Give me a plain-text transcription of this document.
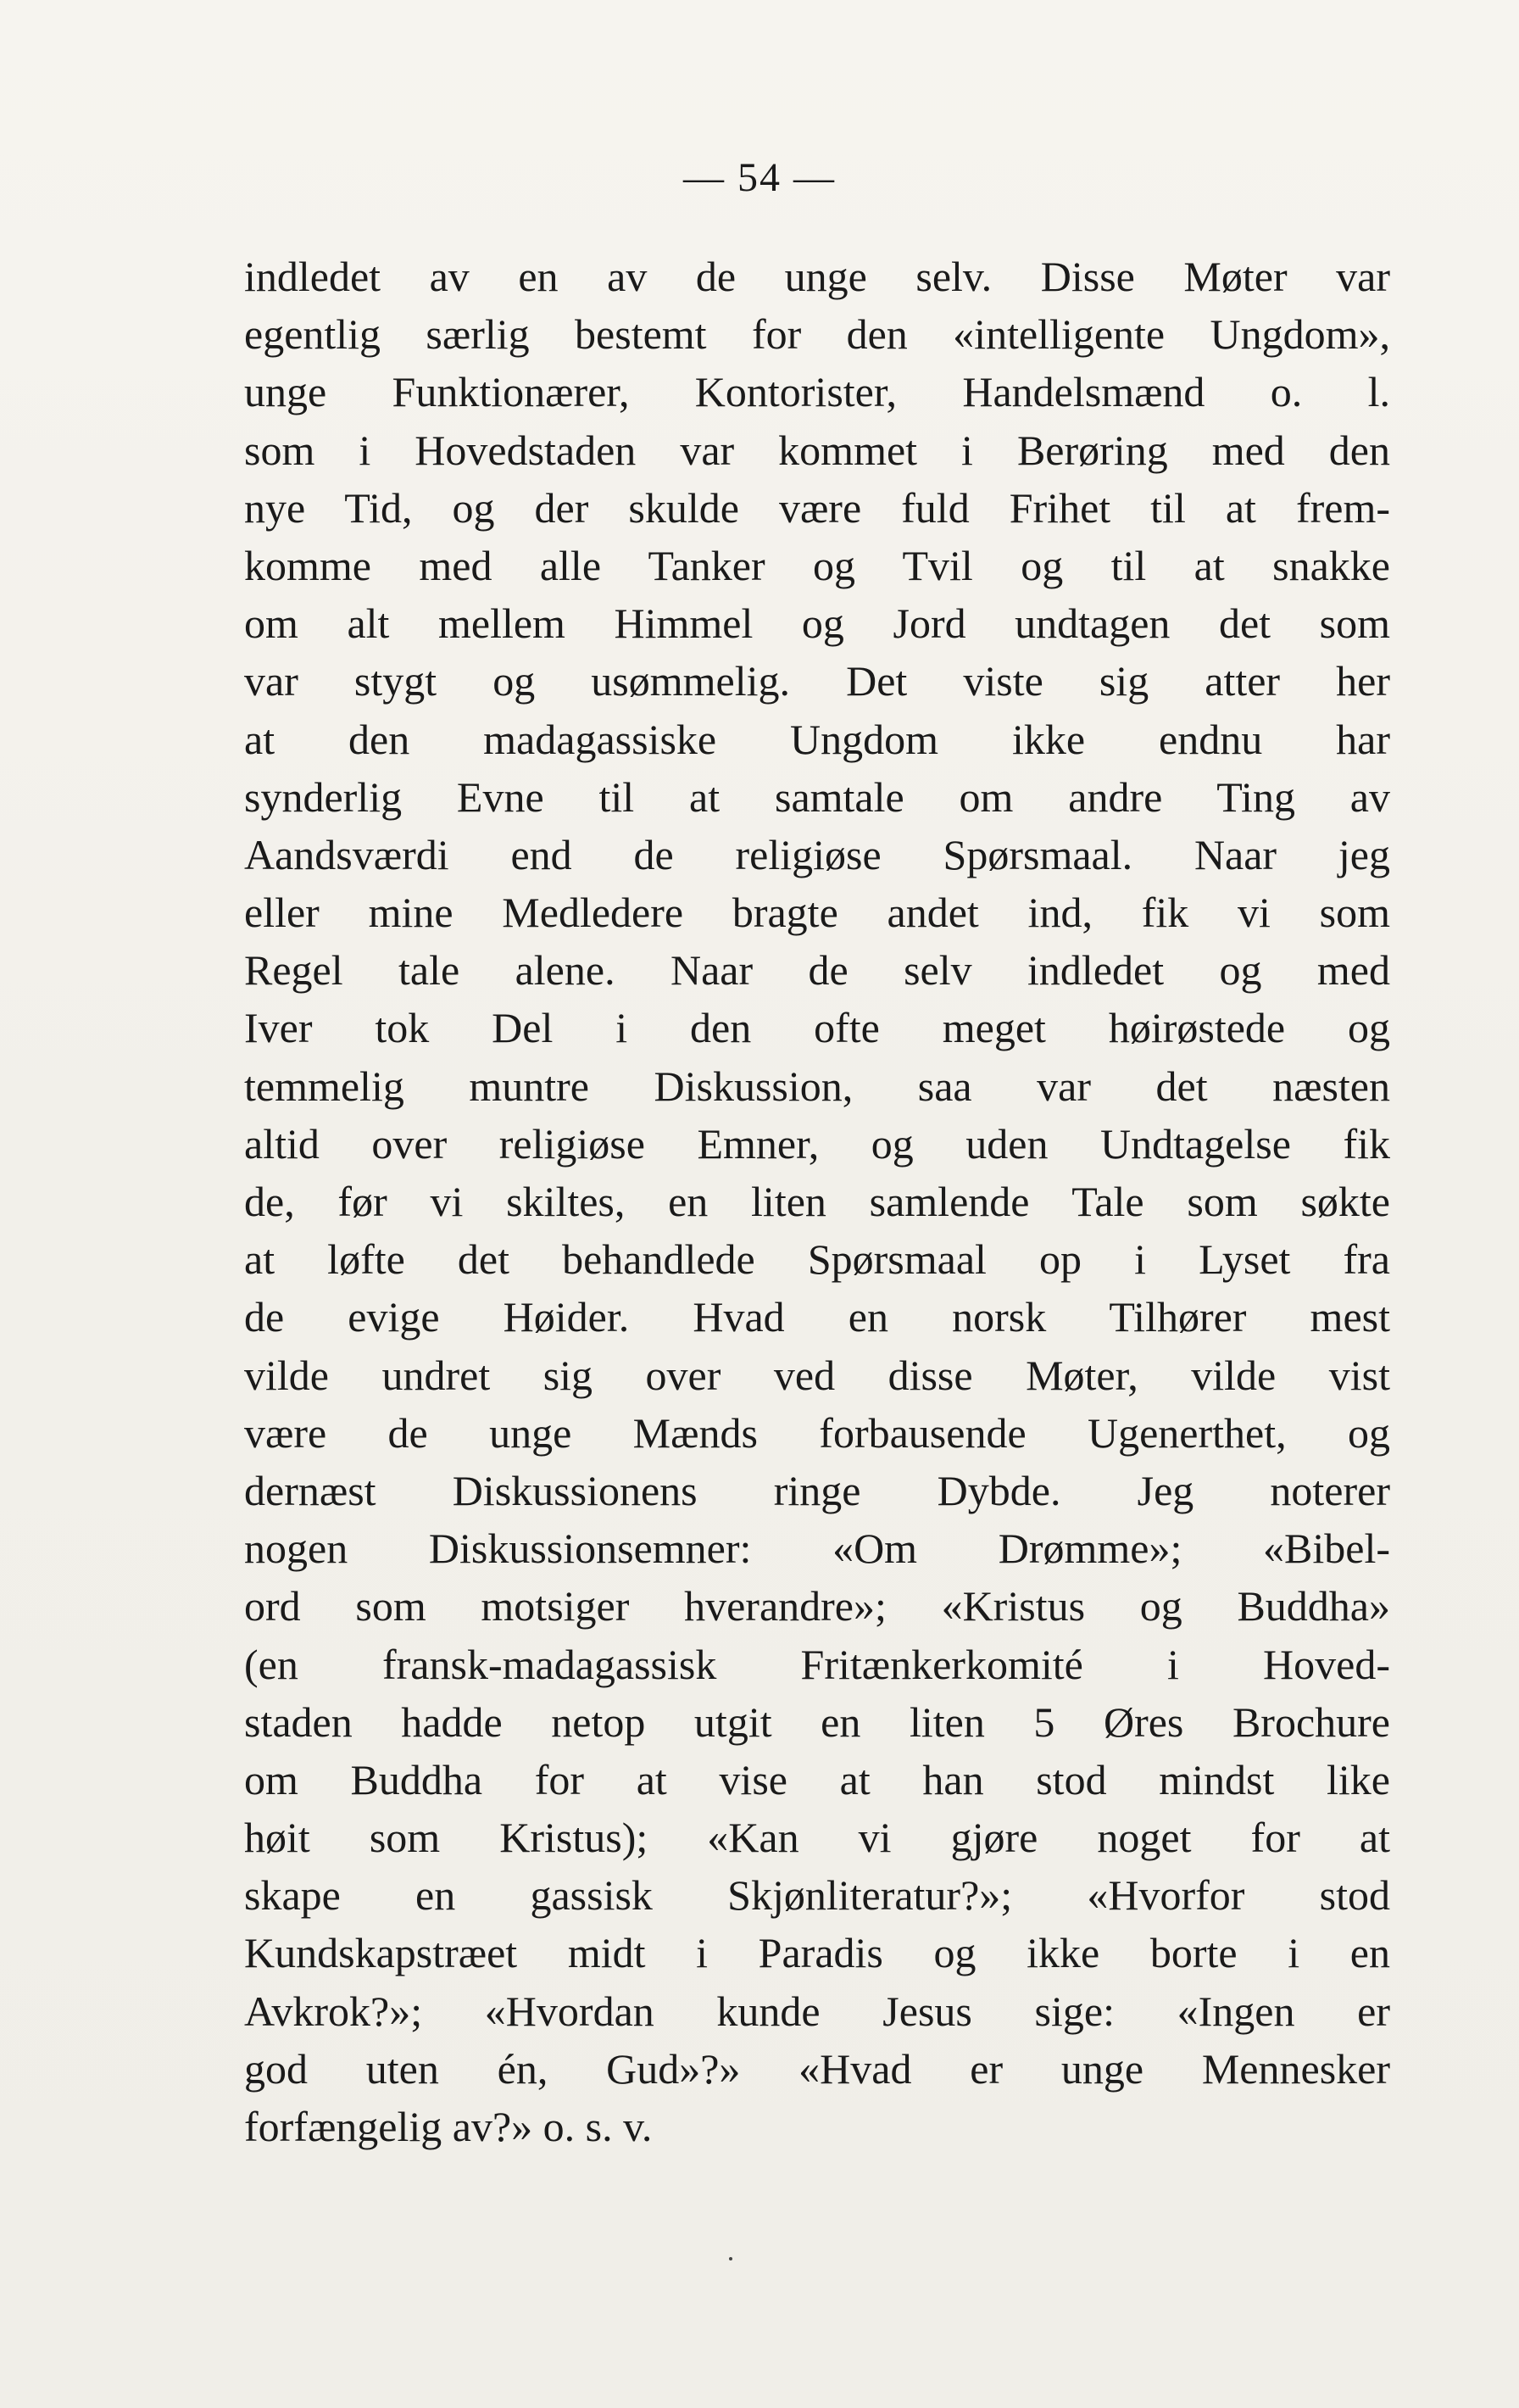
— 54 —
indledet av en av de unge selv. Disse Møter var
egentlig særlig bestemt for den «intelligente Ungdom»,
unge Funktionærer, Kontorister, Handelsmænd o. l.
som i Hovedstaden var kommet i Berøring med den
nye Tid, og der skulde være fuld Frihet til at frem-
komme med alle Tanker og Tvil og til at snakke
om alt mellem Himmel og Jord undtagen det som
var stygt og usømmelig. Det viste sig atter her
at den madagassiske Ungdom ikke endnu har
synderlig Evne til at samtale om andre Ting av
Aandsværdi end de religiøse Spørsmaal. Naar jeg
eller mine Medledere bragte andet ind, fik vi som
Regel tale alene. Naar de selv indledet og med
Iver tok Del i den ofte meget høirøstede og
temmelig muntre Diskussion, saa var det næsten
altid over religiøse Emner, og uden Undtagelse fik
de, før vi skiltes, en liten samlende Tale som søkte
at løfte det behandlede Spørsmaal op i Lyset fra
de evige Høider. Hvad en norsk Tilhører mest
vilde undret sig over ved disse Møter, vilde vist
være de unge Mænds forbausende Ugenerthet, og
dernæst Diskussionens ringe Dybde. Jeg noterer
nogen Diskussionsemner: «Om Drømme»; «Bibel-
ord som motsiger hverandre»; «Kristus og Buddha»
(en fransk-madagassisk Fritænkerkomité i Hoved-
staden hadde netop utgit en liten 5 Øres Brochure
om Buddha for at vise at han stod mindst like
høit som Kristus); «Kan vi gjøre noget for at
skape en gassisk Skjønliteratur?»; «Hvorfor stod
Kundskapstræet midt i Paradis og ikke borte i en
Avkrok?»; «Hvordan kunde Jesus sige: «Ingen er
god uten én, Gud»?» «Hvad er unge Mennesker
forfængelig av?» o. s. v.
